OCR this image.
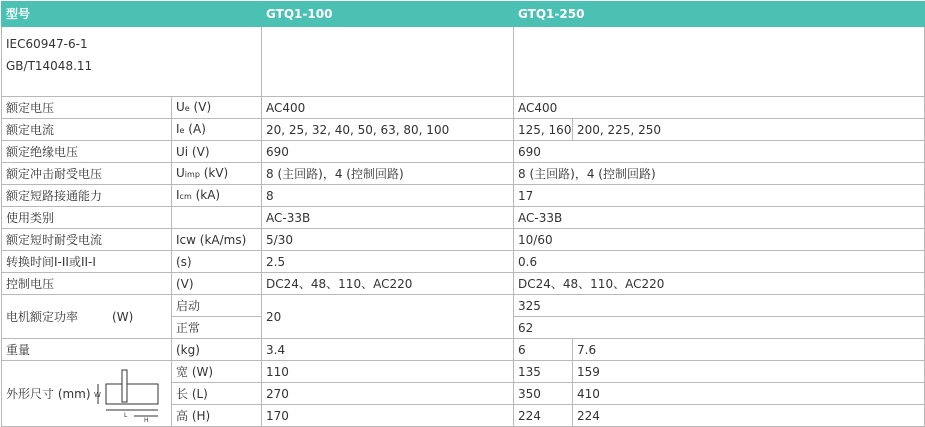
型号		GTQ1-100	GTQ1-250	

IEC60947-6-1
GB/T14048.11				

额定电压	Ue (V)	AC400	AC400	
额定电流	Ie (A)	20, 25, 32, 40, 50, 63, 80, 100	125, 160	200, 225, 250
额定绝缘电压	Ui (V)	690	690	
额定冲击耐受电压	Uimp (kV)	8 (主回路)，4 (控制回路)	8 (主回路)，4 (控制回路)	
额定短路接通能力	Icm (kA)	8	17	
使用类别		AC-33B	AC-33B	
额定短时耐受电流	Icw (kA/ms)	5/30	10/60	
转换时间I-II或II-I	(s)	2.5	0.6	
控制电压	(V)	DC24、48、110、AC220	DC24、48、110、AC220	
电机额定功率 (W)	启动	20	325	
	正常		62	
重量	(kg)	3.4	6	7.6

外形尺寸 (mm) W
L
H	宽 (W)	110	135	159
	长 (L)	270	350	410
	高 (H)	170	224	224
